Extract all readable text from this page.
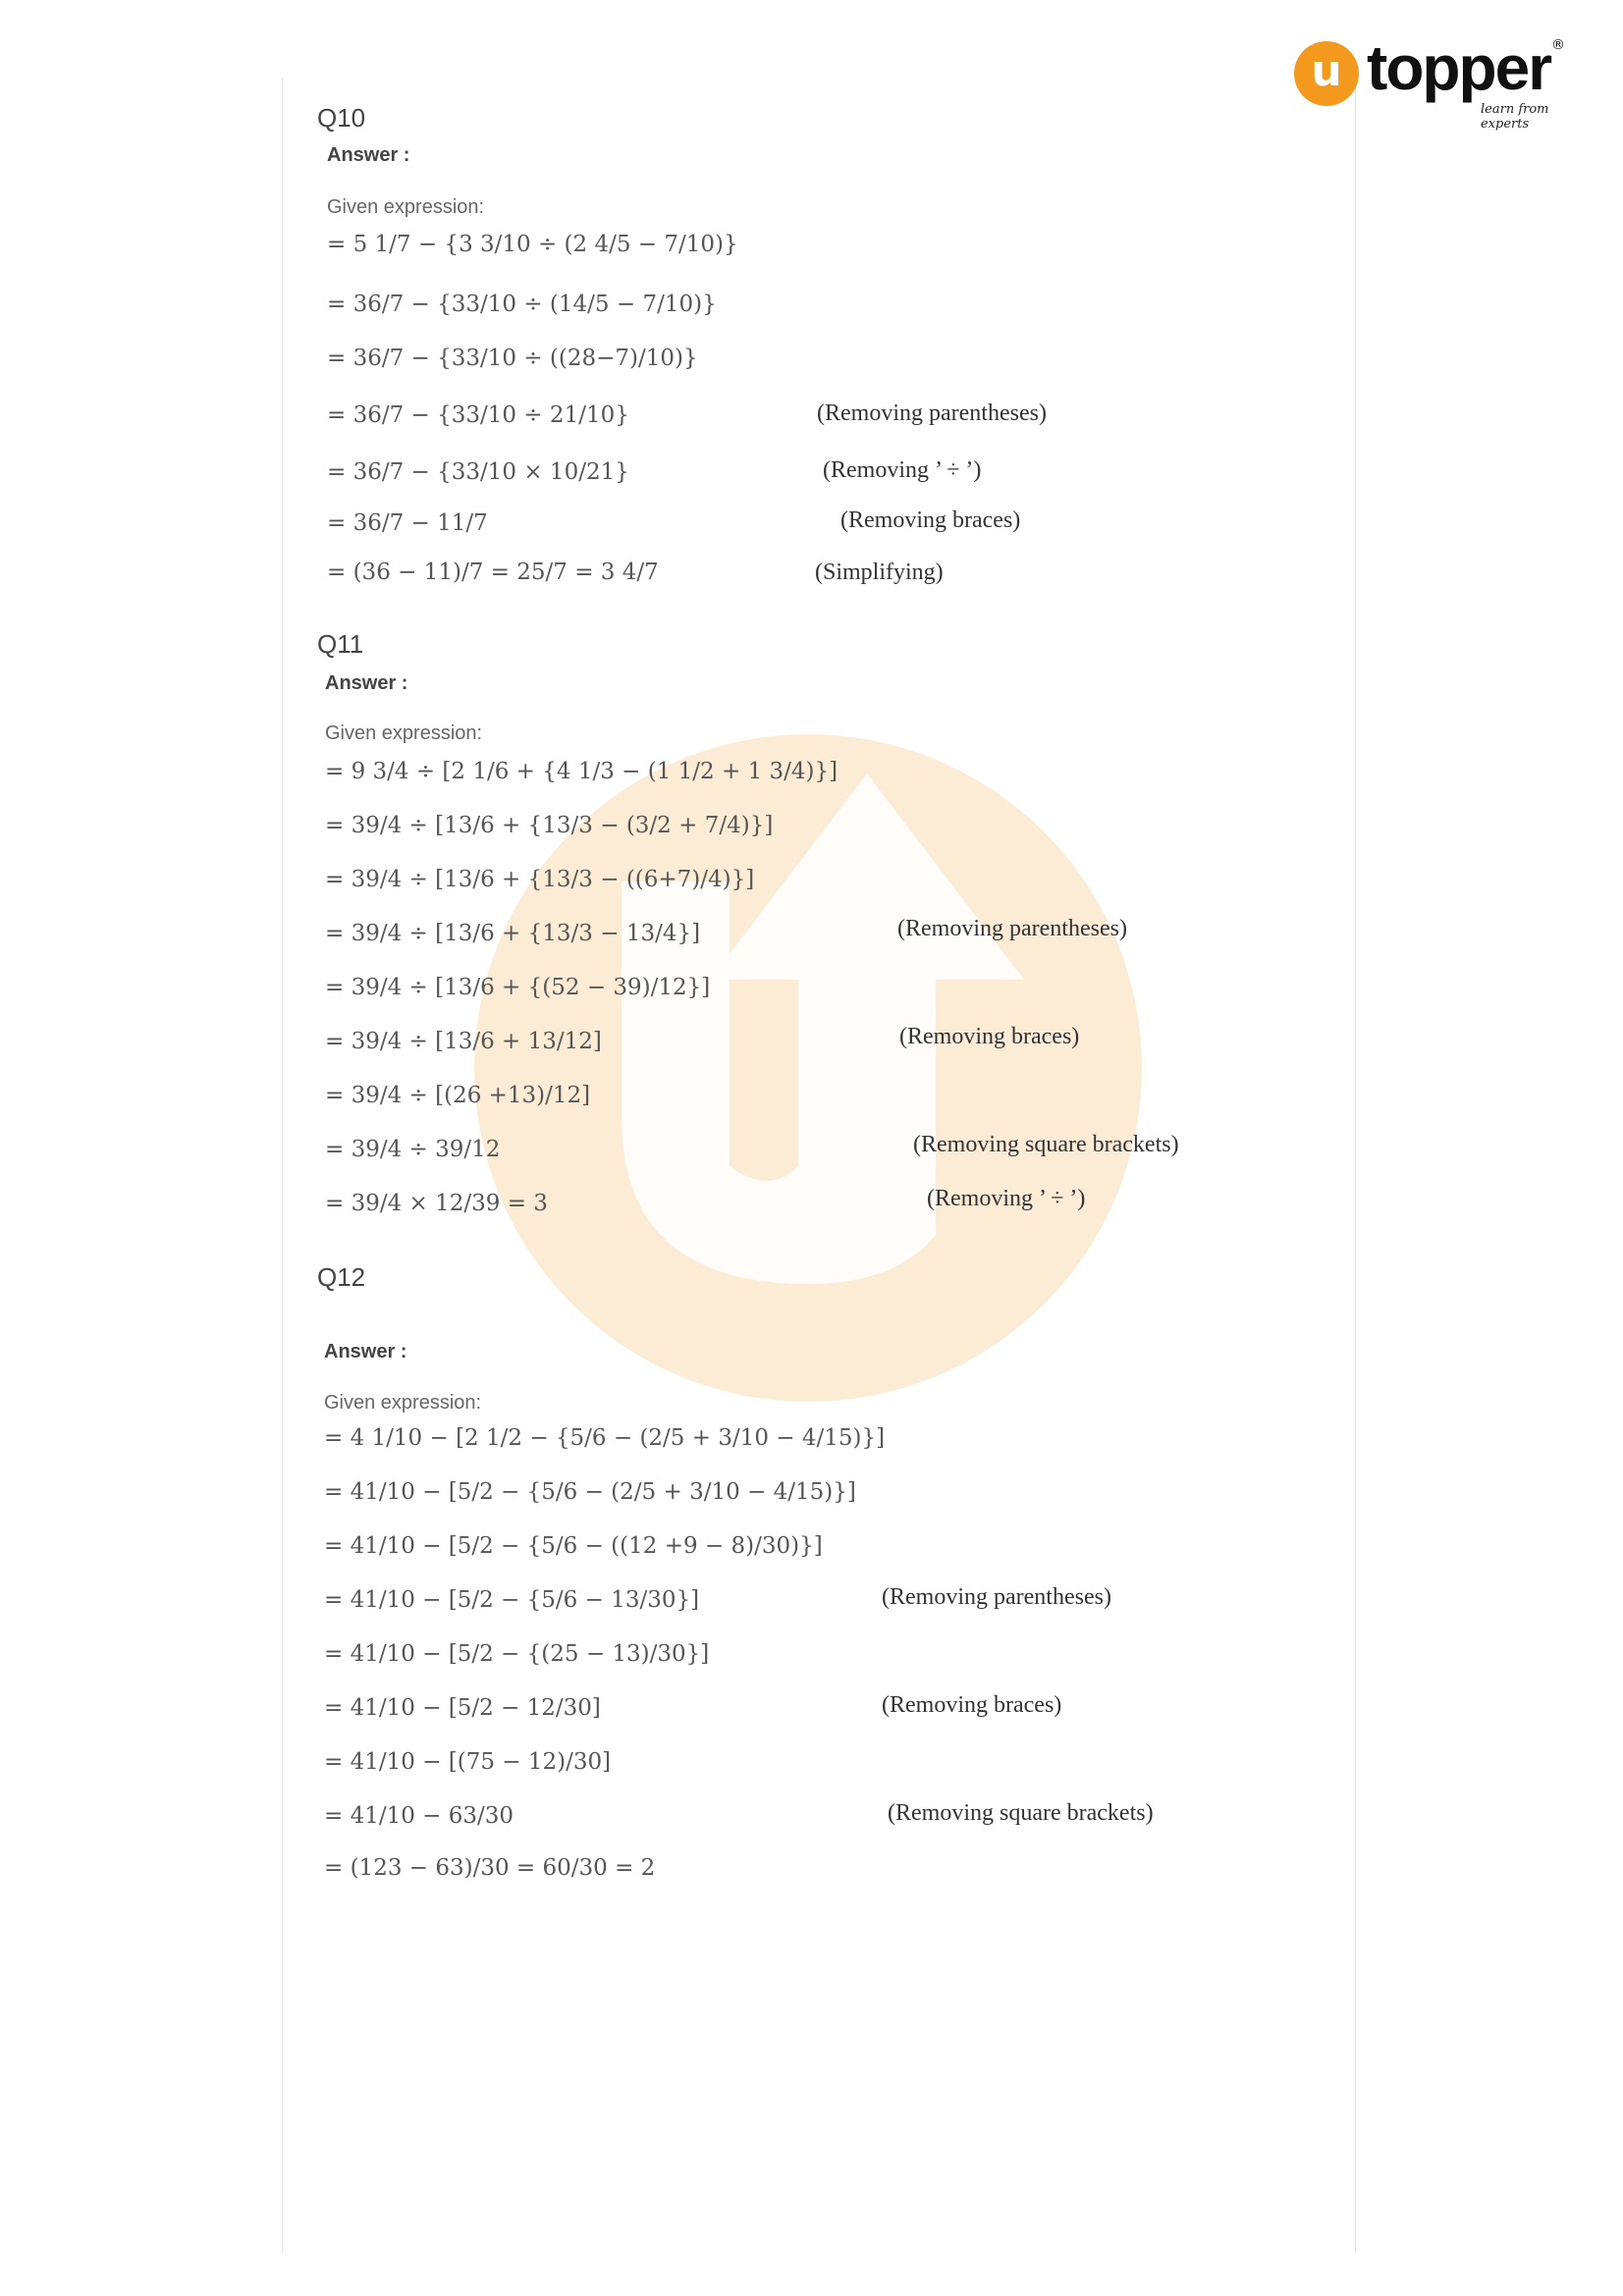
u topper ®
learn from experts
Q10
Answer :
Given expression:
= 5 1/7 − {3 3/10 ÷ (2 4/5 − 7/10)}
= 36/7 − {33/10 ÷ (14/5 − 7/10)}
= 36/7 − {33/10 ÷ ((28−7)/10)}
= 36/7 − {33/10 ÷ 21/10}
= 36/7 − {33/10 × 10/21}
= 36/7 − 11/7
= (36 − 11)/7 = 25/7 = 3 4/7
(Removing parentheses)
(Removing ’ ÷ ’)
(Removing braces)
(Simplifying)
Q11
Answer :
Given expression:
= 9 3/4 ÷ [2 1/6 + {4 1/3 − (1 1/2 + 1 3/4)}]
= 39/4 ÷ [13/6 + {13/3 − (3/2 + 7/4)}]
= 39/4 ÷ [13/6 + {13/3 − ((6+7)/4)}]
= 39/4 ÷ [13/6 + {13/3 − 13/4}]
= 39/4 ÷ [13/6 + {(52 − 39)/12}]
= 39/4 ÷ [13/6 + 13/12]
= 39/4 ÷ [(26 +13)/12]
= 39/4 ÷ 39/12
= 39/4 × 12/39 = 3
(Removing parentheses)
(Removing braces)
(Removing square brackets)
(Removing ’ ÷ ’)
Q12
Answer :
Given expression:
= 4 1/10 − [2 1/2 − {5/6 − (2/5 + 3/10 − 4/15)}]
= 41/10 − [5/2 − {5/6 − (2/5 + 3/10 − 4/15)}]
= 41/10 − [5/2 − {5/6 − ((12 +9 − 8)/30)}]
= 41/10 − [5/2 − {5/6 − 13/30}]
= 41/10 − [5/2 − {(25 − 13)/30}]
= 41/10 − [5/2 − 12/30]
= 41/10 − [(75 − 12)/30]
= 41/10 − 63/30
= (123 − 63)/30 = 60/30 = 2
(Removing parentheses)
(Removing braces)
(Removing square brackets)
